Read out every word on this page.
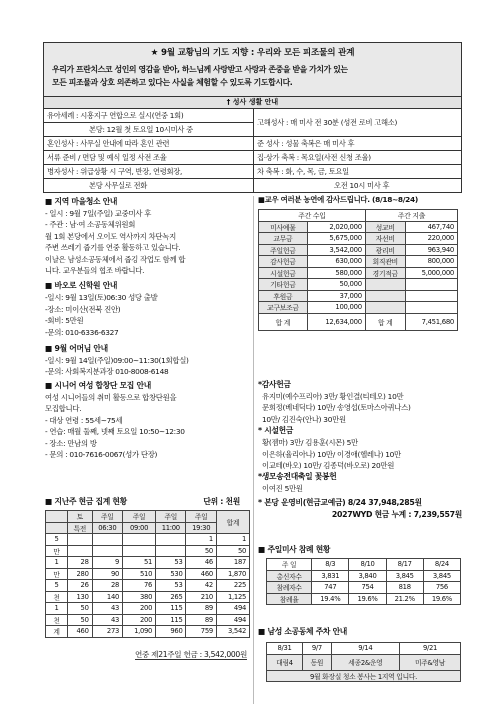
★ 9월 교황님의 기도 지향 : 우리와 모든 피조물의 관계
우리가 프란치스코 성인의 영감을 받아, 하느님께 사랑받고 사랑과 존중을 받을 가치가 있는
모든 피조물과 상호 의존하고 있다는 사실을 체험할 수 있도록 기도합시다.
† 성사 생활 안내
유아세례 : 시흥지구 연합으로 실시(연중 1회)	고해성사 : 매 미사 전 30분 (성전 로비 고해소)
본당: 12월 첫 토요일 10시미사 중	
혼인성사 : 사무실 안내에 따라 혼인 관련	준 성사 : 성물 축복은 매 미사 후
서류 준비 / 면담 및 예식 일정 사전 조율	집·상가 축복 : 목요일(사전 신청 조율)
병자성사 : 위급상황 시 구역, 반장, 연령회장,	차 축복 : 화, 수, 목, 금, 토요일
본당 사무실로 전화	오전 10시 미사 후
■ 지역 마을청소 안내
- 일시 : 9월 7일(주일) 교중미사 후
- 주관 : 남·여 소공동체위원회
월 1회 본당에서 오이도 역사까지 차단녹지
주변 쓰레기 줍기를 연중 활동하고 있습니다.
이날은 남성소공동체에서 줍깅 작업도 함께 합
니다. 교우분들의 협조 바랍니다.
■ 바오로 신학원 안내
-일시: 9월 13일(토)06:30 성당 출발
-장소: 미이산(전북 진안)
-회비: 5만원
-문의: 010-6336-6327
■ 9월 어머님 안내
-일시: 9월 14일(주일)09:00~11:30(1회합실)
-문의: 사회복지분과장 010-8008-6148
■ 시니어 여성 합창단 모집 안내
여성 시니어들의 취미 활동으로 합창단원을
모집합니다.
- 대상 연령 : 55세~75세
- 연습: 매월 둘째, 넷째 토요일 10:50~12:30
- 장소: 만남의 방
- 문의 : 010-7616-0067(성가 단장)
■ 지난주 현금 집계 현황	단위 : 천원
	토	주일	주일	주일	주일	합계
	특전	06:30	09:00	11:00	19:30	
5					1	1
만					50	50
1	28	9	51	53	46	187
만	280	90	510	530	460	1,870
5	26	28	76	53	42	225
천	130	140	380	265	210	1,125
1	50	43	200	115	89	494
천	50	43	200	115	89	494
계	460	273	1,090	960	759	3,542
연중 제21주일 헌금 : 3,542,000원
■교우 여러분 농연에 감사드립니다. (8/18~8/24)
주간 수입		주간 지출	
미사예물	2,020,000	성교비	467,740
교무금	5,675,000	자선비	220,000
주일헌금	3,542,000	광리비	963,940
감사헌금	630,000	회직관비	800,000
시설헌금	580,000	경기적금	5,000,000
기타헌금	50,000		
후원금	37,000		
교구보조금	100,000		
합 계	12,634,000	합 계	7,451,680
*감사헌금
유지미(예수프리아) 3만/ 황인결(티테오) 10만
문희정(베네딕다) 10만/ 송영섭(토마스아퀴나스)
10만/ 김진숙(안나) 30만원
* 시설헌금
황(젬마) 3만/ 김용훈(시몬) 5만
이은하(율리아나) 10만/ 이경애(헬레나) 10만
이교테(바오) 10만/ 김종덕(바오로) 20만원
*생모송전대축일 꽃봉헌
이여진 5만원
* 본당 운영비(현금교예금) 8/24 37,948,285원
2027WYD 현금 누계 : 7,239,557원
■ 주일미사 참례 현황
주 일	8/3	8/10	8/17	8/24
총신자수	3,831	3,840	3,845	3,845
참례자수	747	754	818	756
참례율	19.4%	19.6%	21.2%	19.6%
■ 남성 소공동체 주차 안내
8/31	9/7	9/14	9/21
대림4	동원	세종2&운영	미주&영남
9월 화장실 청소 봉사는 1지역 입니다.			
